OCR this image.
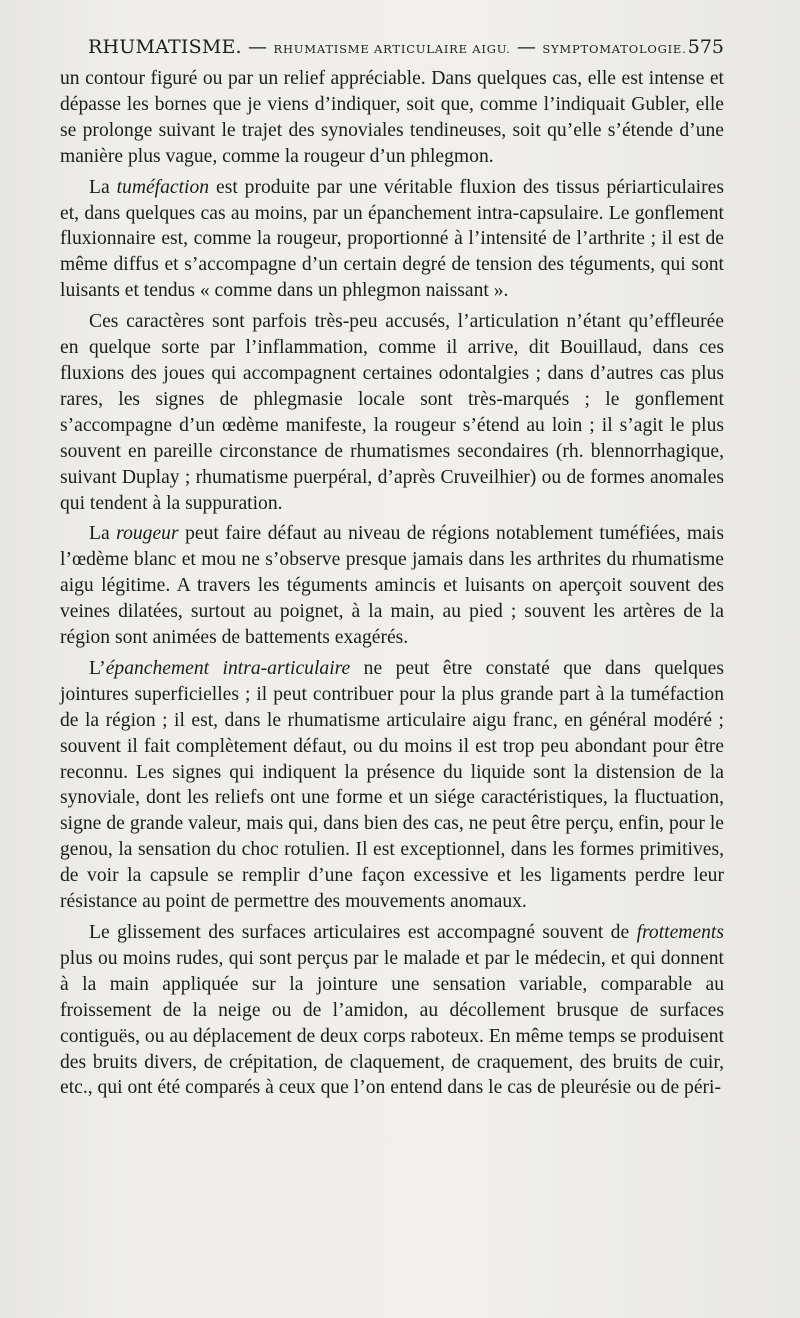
RHUMATISME. — RHUMATISME ARTICULAIRE AIGU. — SYMPTOMATOLOGIE. 575

un contour figuré ou par un relief appréciable. Dans quelques cas, elle est intense et dépasse les bornes que je viens d’indiquer, soit que, comme l’indiquait Gubler, elle se prolonge suivant le trajet des synoviales tendineuses, soit qu’elle s’étende d’une manière plus vague, comme la rougeur d’un phlegmon.

La tuméfaction est produite par une véritable fluxion des tissus périarticulaires et, dans quelques cas au moins, par un épanchement intra-capsulaire. Le gonflement fluxionnaire est, comme la rougeur, proportionné à l’intensité de l’arthrite ; il est de même diffus et s’accompagne d’un certain degré de tension des téguments, qui sont luisants et tendus « comme dans un phlegmon naissant ».

Ces caractères sont parfois très-peu accusés, l’articulation n’étant qu’effleurée en quelque sorte par l’inflammation, comme il arrive, dit Bouillaud, dans ces fluxions des joues qui accompagnent certaines odontalgies ; dans d’autres cas plus rares, les signes de phlegmasie locale sont très-marqués ; le gonflement s’accompagne d’un œdème manifeste, la rougeur s’étend au loin ; il s’agit le plus souvent en pareille circonstance de rhumatismes secondaires (rh. blennorrhagique, suivant Duplay ; rhumatisme puerpéral, d’après Cruveilhier) ou de formes anomales qui tendent à la suppuration.

La rougeur peut faire défaut au niveau de régions notablement tuméfiées, mais l’œdème blanc et mou ne s’observe presque jamais dans les arthrites du rhumatisme aigu légitime. A travers les téguments amincis et luisants on aperçoit souvent des veines dilatées, surtout au poignet, à la main, au pied ; souvent les artères de la région sont animées de battements exagérés.

L’épanchement intra-articulaire ne peut être constaté que dans quelques jointures superficielles ; il peut contribuer pour la plus grande part à la tuméfaction de la région ; il est, dans le rhumatisme articulaire aigu franc, en général modéré ; souvent il fait complètement défaut, ou du moins il est trop peu abondant pour être reconnu. Les signes qui indiquent la présence du liquide sont la distension de la synoviale, dont les reliefs ont une forme et un siége caractéristiques, la fluctuation, signe de grande valeur, mais qui, dans bien des cas, ne peut être perçu, enfin, pour le genou, la sensation du choc rotulien. Il est exceptionnel, dans les formes primitives, de voir la capsule se remplir d’une façon excessive et les ligaments perdre leur résistance au point de permettre des mouvements anomaux.

Le glissement des surfaces articulaires est accompagné souvent de frottements plus ou moins rudes, qui sont perçus par le malade et par le médecin, et qui donnent à la main appliquée sur la jointure une sensation variable, comparable au froissement de la neige ou de l’amidon, au décollement brusque de surfaces contiguës, ou au déplacement de deux corps raboteux. En même temps se produisent des bruits divers, de crépitation, de claquement, de craquement, des bruits de cuir, etc., qui ont été comparés à ceux que l’on entend dans le cas de pleurésie ou de péri-
